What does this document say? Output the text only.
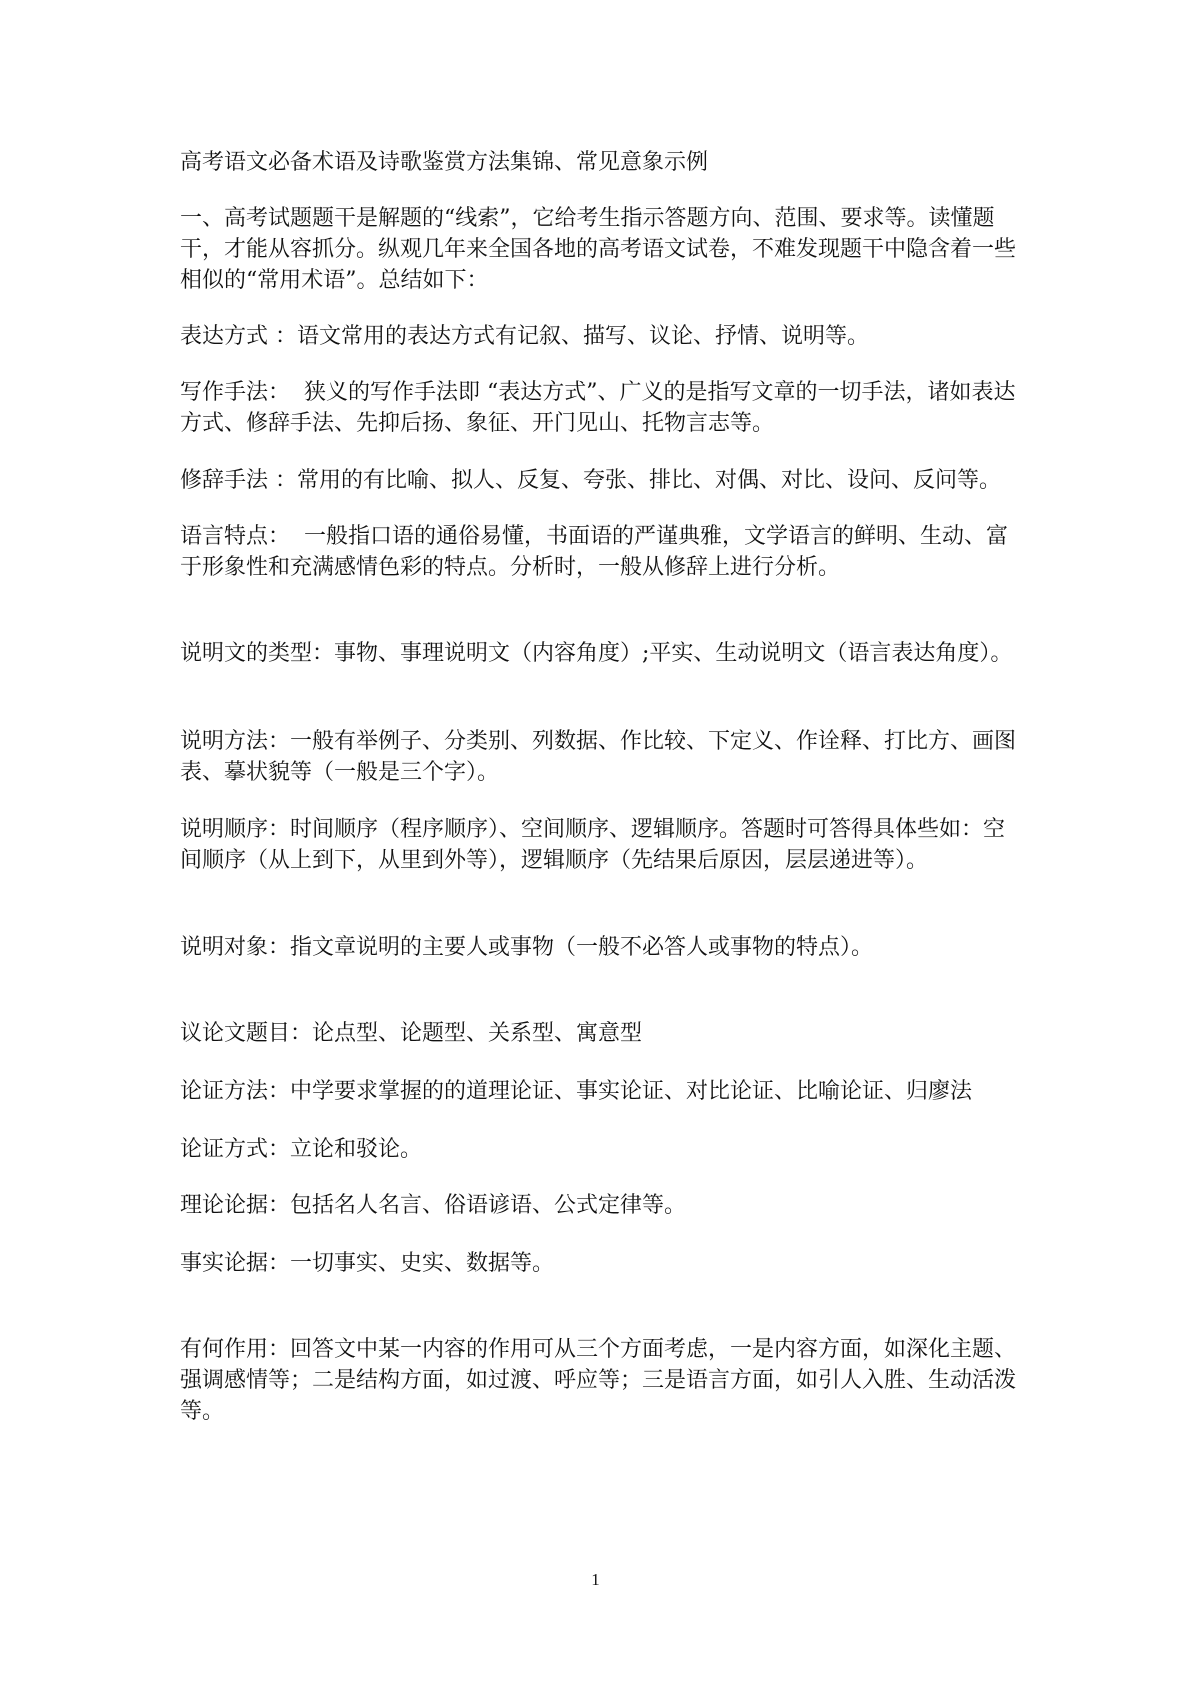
高考语文必备术语及诗歌鉴赏方法集锦、常见意象示例
一、高考试题题干是解题的“线索”，它给考生指示答题方向、范围、要求等。读懂题干，才能从容抓分。纵观几年来全国各地的高考语文试卷，不难发现题干中隐含着一些相似的“常用术语”。总结如下：
表达方式 ：语文常用的表达方式有记叙、描写、议论、抒情、说明等。
写作手法：  狭义的写作手法即 “表达方式”、广义的是指写文章的一切手法，诸如表达方式、修辞手法、先抑后扬、象征、开门见山、托物言志等。
修辞手法 ：常用的有比喻、拟人、反复、夸张、排比、对偶、对比、设问、反问等。
语言特点：  一般指口语的通俗易懂，书面语的严谨典雅，文学语言的鲜明、生动、富于形象性和充满感情色彩的特点。分析时，一般从修辞上进行分析。
说明文的类型：事物、事理说明文（内容角度）;平实、生动说明文（语言表达角度）。
说明方法：一般有举例子、分类别、列数据、作比较、下定义、作诠释、打比方、画图表、摹状貌等（一般是三个字）。
说明顺序：时间顺序（程序顺序）、空间顺序、逻辑顺序。答题时可答得具体些如：空间顺序（从上到下，从里到外等），逻辑顺序（先结果后原因，层层递进等）。
说明对象：指文章说明的主要人或事物（一般不必答人或事物的特点）。
议论文题目：论点型、论题型、关系型、寓意型
论证方法：中学要求掌握的的道理论证、事实论证、对比论证、比喻论证、归廖法
论证方式：立论和驳论。
理论论据：包括名人名言、俗语谚语、公式定律等。
事实论据：一切事实、史实、数据等。
有何作用：回答文中某一内容的作用可从三个方面考虑，一是内容方面，如深化主题、强调感情等；二是结构方面，如过渡、呼应等；三是语言方面，如引人入胜、生动活泼等。
1
